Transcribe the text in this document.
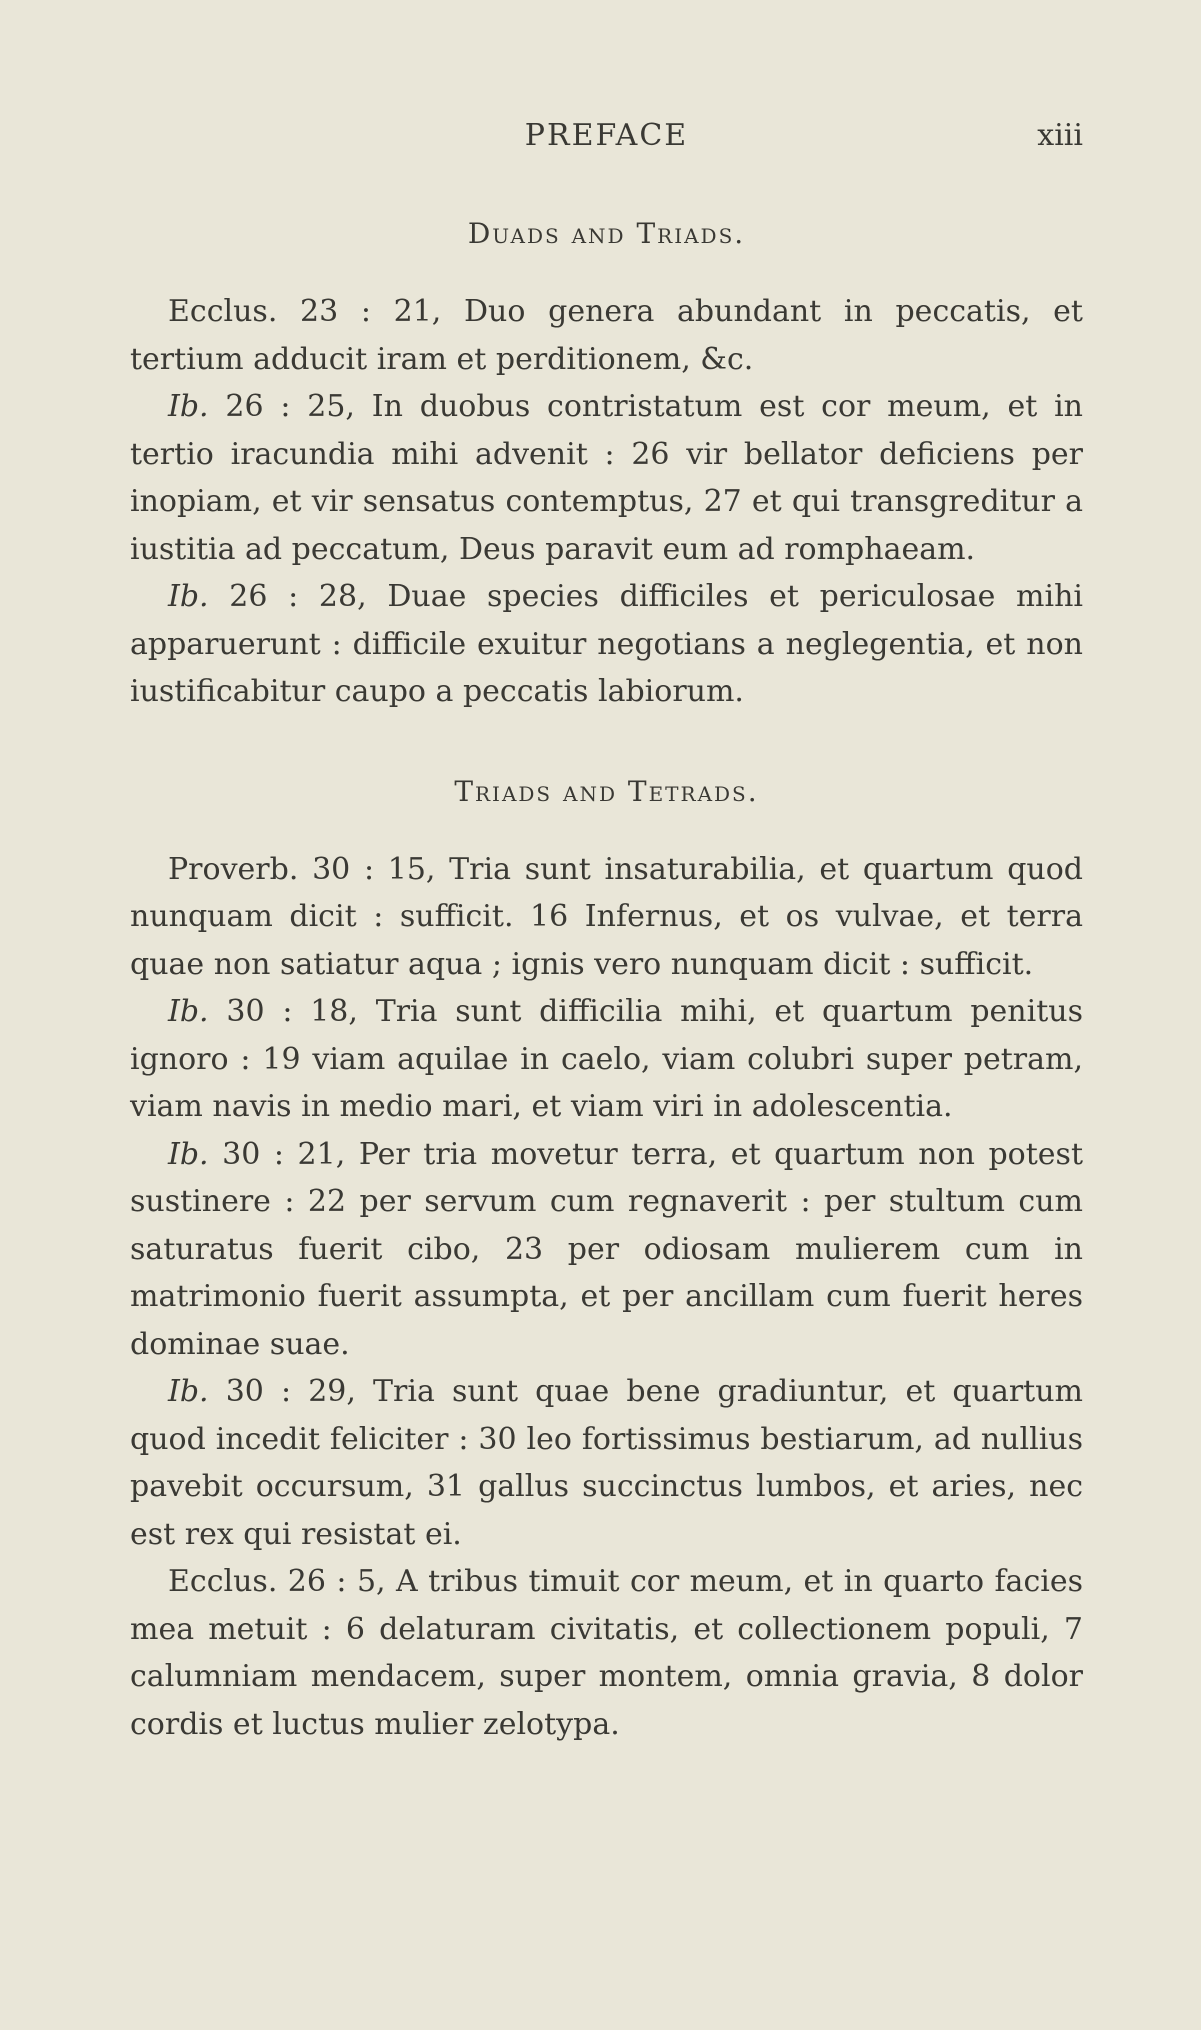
PREFACE	xiii
Duads and Triads.

Ecclus. 23 : 21, Duo genera abundant in peccatis, et tertium adducit iram et perditionem, &c.

Ib. 26 : 25, In duobus contristatum est cor meum, et in tertio iracundia mihi advenit : 26 vir bellator deficiens per inopiam, et vir sensatus contemptus, 27 et qui transgreditur a iustitia ad peccatum, Deus paravit eum ad romphaeam.

Ib. 26 : 28, Duae species difficiles et periculosae mihi apparuerunt : difficile exuitur negotians a neglegentia, et non iustificabitur caupo a peccatis labiorum.

Triads and Tetrads.

Proverb. 30 : 15, Tria sunt insaturabilia, et quartum quod nunquam dicit : sufficit. 16 Infernus, et os vulvae, et terra quae non satiatur aqua ; ignis vero nunquam dicit : sufficit.

Ib. 30 : 18, Tria sunt difficilia mihi, et quartum penitus ignoro : 19 viam aquilae in caelo, viam colubri super petram, viam navis in medio mari, et viam viri in adolescentia.

Ib. 30 : 21, Per tria movetur terra, et quartum non potest sustinere : 22 per servum cum regnaverit : per stultum cum saturatus fuerit cibo, 23 per odiosam mulierem cum in matrimonio fuerit assumpta, et per ancillam cum fuerit heres dominae suae.

Ib. 30 : 29, Tria sunt quae bene gradiuntur, et quartum quod incedit feliciter : 30 leo fortissimus bestiarum, ad nullius pavebit occursum, 31 gallus succinctus lumbos, et aries, nec est rex qui resistat ei.

Ecclus. 26 : 5, A tribus timuit cor meum, et in quarto facies mea metuit : 6 delaturam civitatis, et collectionem populi, 7 calumniam mendacem, super montem, omnia gravia, 8 dolor cordis et luctus mulier zelotypa.
